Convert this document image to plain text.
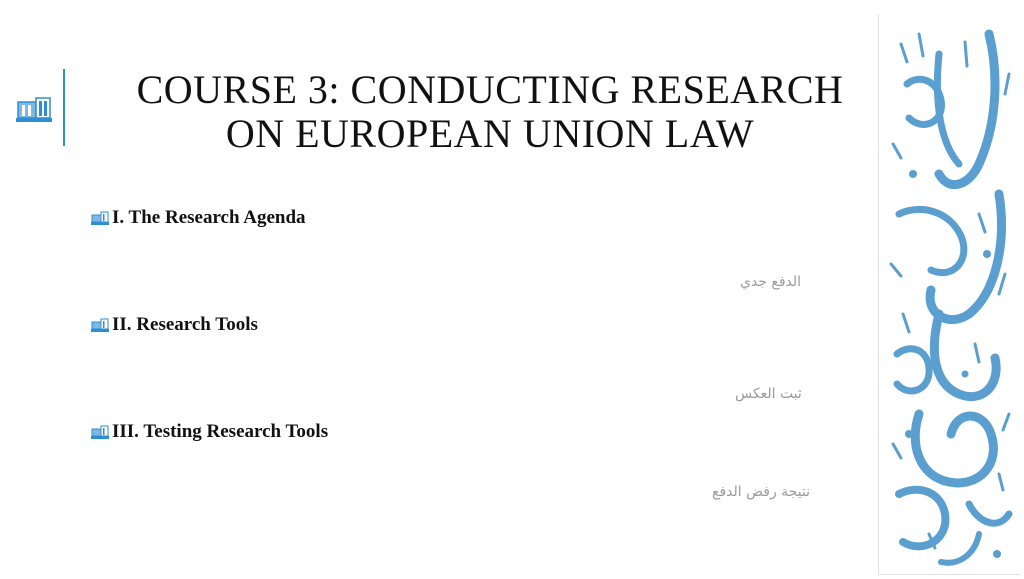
COURSE 3: CONDUCTING RESEARCH
ON EUROPEAN UNION LAW
I. The Research Agenda
II. Research Tools
III. Testing Research Tools
الدفع جدي
ثبت العكس
نتيجة رفض الدفع
